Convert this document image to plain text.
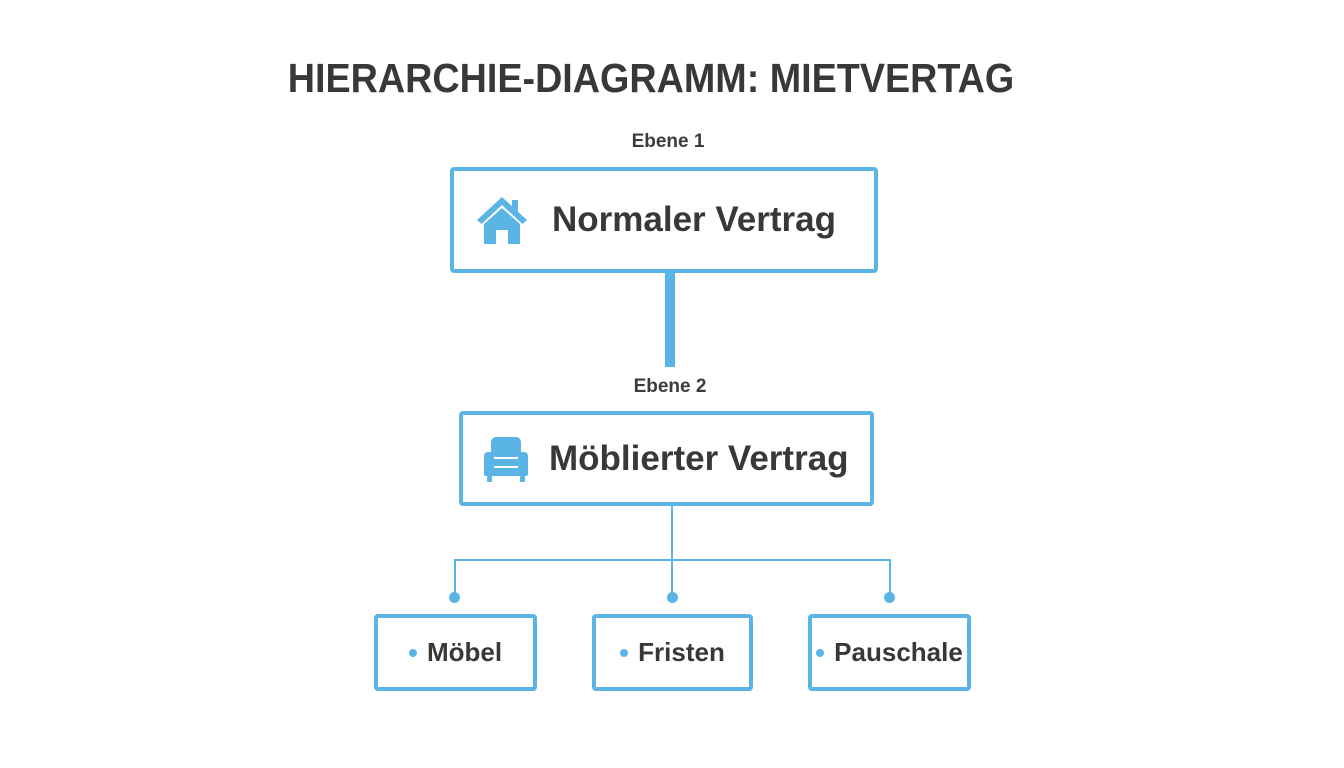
HIERARCHIE-DIAGRAMM: MIETVERTAG
Ebene 1
Normaler Vertrag
Ebene 2
Möblierter Vertrag
Möbel	Fristen	Pauschale
